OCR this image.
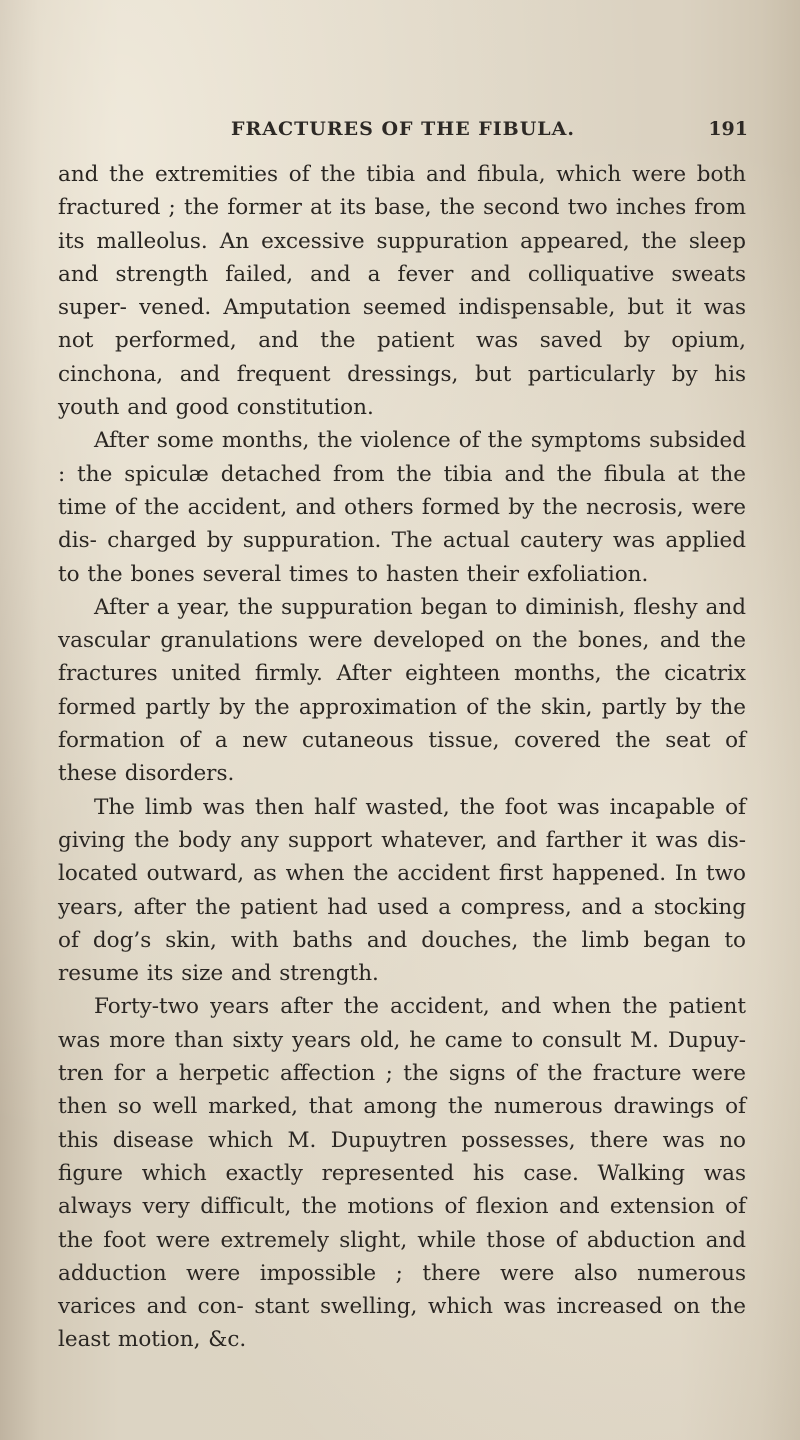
FRACTURES OF THE FIBULA.	191

and the extremities of the tibia and fibula, which were both fractured ; the former at its base, the second two inches from its malleolus. An excessive suppuration appeared, the sleep and strength failed, and a fever and colliquative sweats super- vened. Amputation seemed indispensable, but it was not performed, and the patient was saved by opium, cinchona, and frequent dressings, but particularly by his youth and good constitution.

After some months, the violence of the symptoms subsided : the spiculæ detached from the tibia and the fibula at the time of the accident, and others formed by the necrosis, were dis- charged by suppuration. The actual cautery was applied to the bones several times to hasten their exfoliation.

After a year, the suppuration began to diminish, fleshy and vascular granulations were developed on the bones, and the fractures united firmly. After eighteen months, the cicatrix formed partly by the approximation of the skin, partly by the formation of a new cutaneous tissue, covered the seat of these disorders.

The limb was then half wasted, the foot was incapable of giving the body any support whatever, and farther it was dis- located outward, as when the accident first happened. In two years, after the patient had used a compress, and a stocking of dog’s skin, with baths and douches, the limb began to resume its size and strength.

Forty-two years after the accident, and when the patient was more than sixty years old, he came to consult M. Dupuy- tren for a herpetic affection ; the signs of the fracture were then so well marked, that among the numerous drawings of this disease which M. Dupuytren possesses, there was no figure which exactly represented his case. Walking was always very difficult, the motions of flexion and extension of the foot were extremely slight, while those of abduction and adduction were impossible ; there were also numerous varices and con- stant swelling, which was increased on the least motion, &c.
